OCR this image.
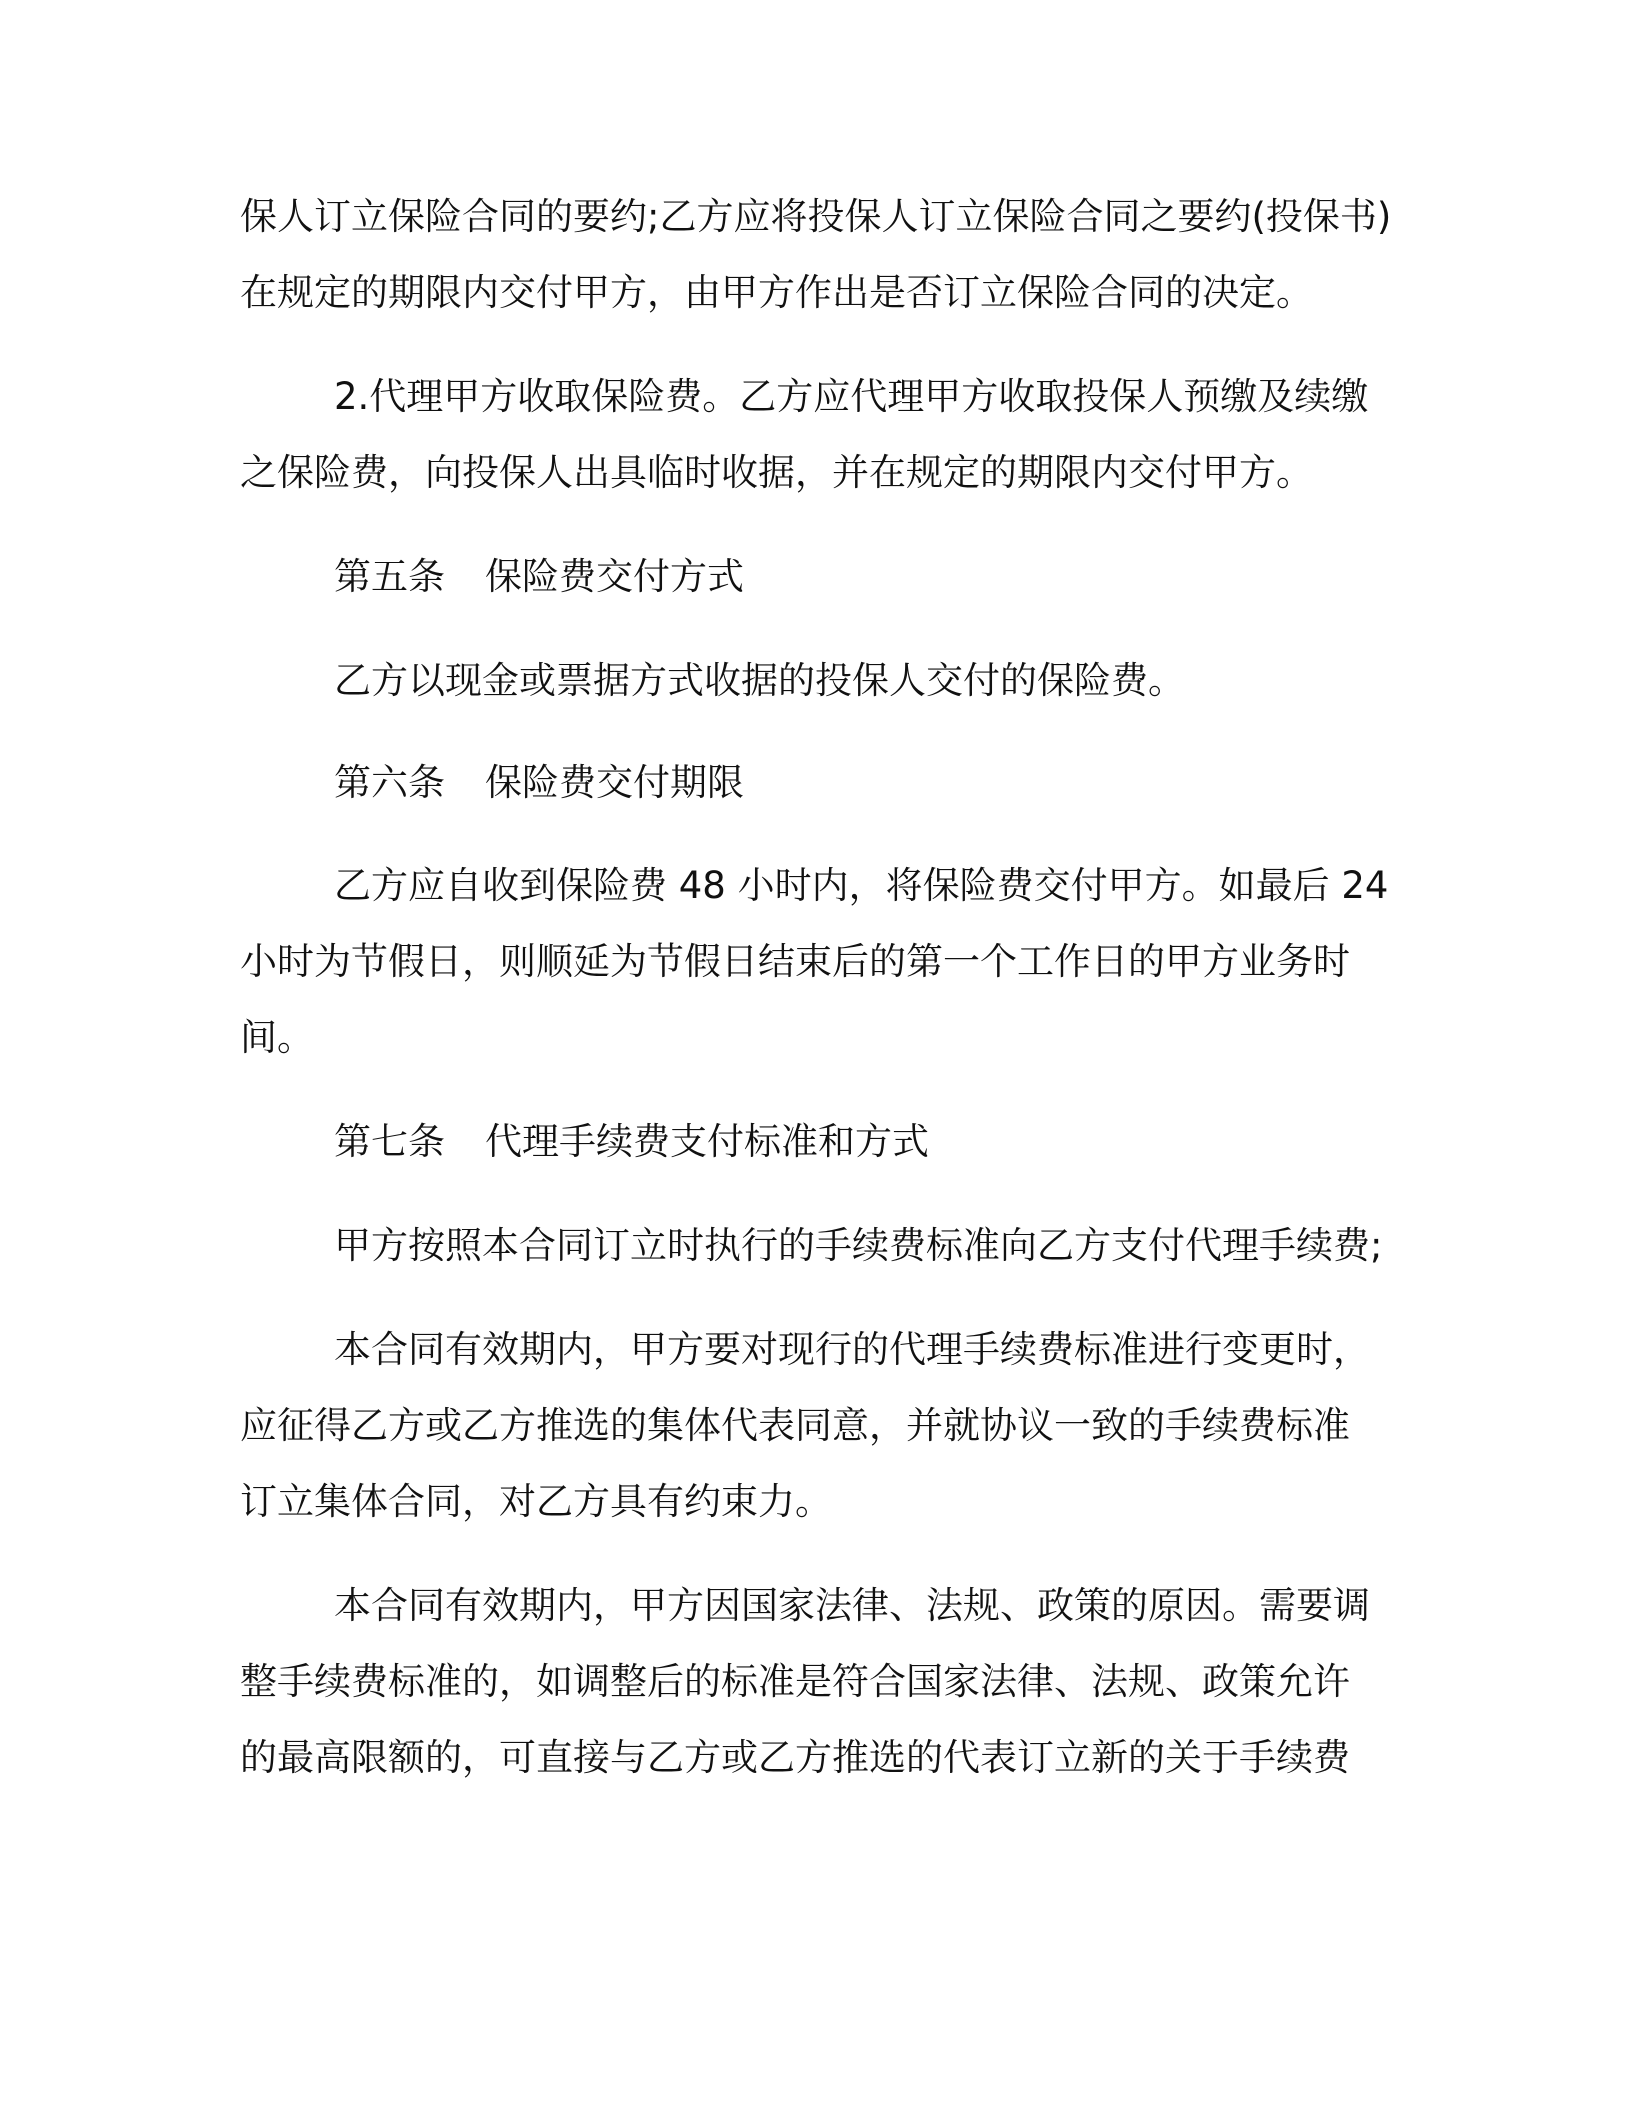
保人订立保险合同的要约;乙方应将投保人订立保险合同之要约(投保书)
在规定的期限内交付甲方，由甲方作出是否订立保险合同的决定。
2.代理甲方收取保险费。乙方应代理甲方收取投保人预缴及续缴
之保险费，向投保人出具临时收据，并在规定的期限内交付甲方。
第五条 保险费交付方式
乙方以现金或票据方式收据的投保人交付的保险费。
第六条 保险费交付期限
乙方应自收到保险费 48 小时内，将保险费交付甲方。如最后 24
小时为节假日，则顺延为节假日结束后的第一个工作日的甲方业务时
间。
第七条 代理手续费支付标准和方式
甲方按照本合同订立时执行的手续费标准向乙方支付代理手续费;
本合同有效期内，甲方要对现行的代理手续费标准进行变更时，
应征得乙方或乙方推选的集体代表同意，并就协议一致的手续费标准
订立集体合同，对乙方具有约束力。
本合同有效期内，甲方因国家法律、法规、政策的原因。需要调
整手续费标准的，如调整后的标准是符合国家法律、法规、政策允许
的最高限额的，可直接与乙方或乙方推选的代表订立新的关于手续费
